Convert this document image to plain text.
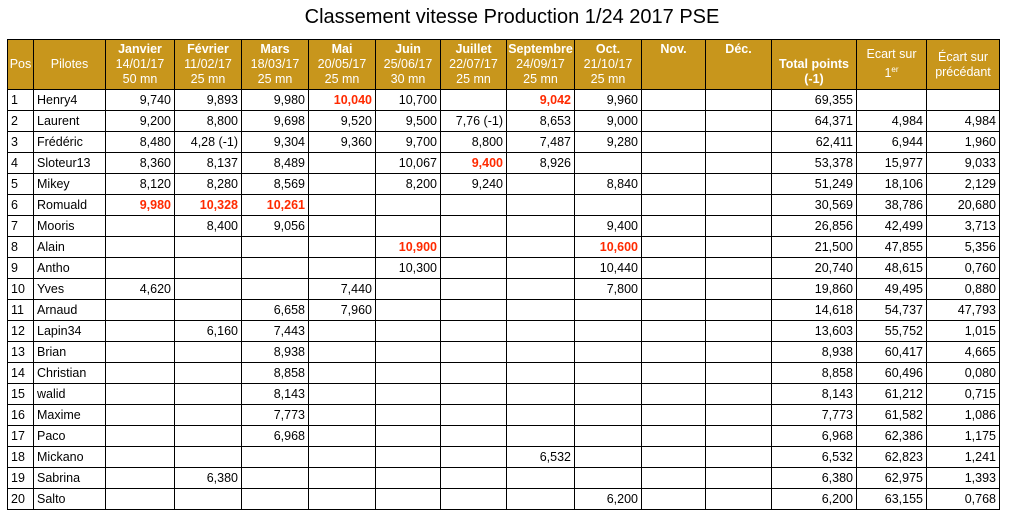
Classement vitesse Production 1/24 2017 PSE
Pos	Pilotes	Janvier
14/01/17
50 mn	Février
11/02/17
25 mn	Mars
18/03/17
25 mn	Mai
20/05/17
25 mn	Juin
25/06/17
30 mn	Juillet
22/07/17
25 mn	Septembre
24/09/17
25 mn	Oct.
21/10/17
25 mn	Nov.	Déc.	Total points (-1)	Ecart sur 1er	Écart sur précédant
1	Henry4	9,740	9,893	9,980	10,040	10,700		9,042	9,960			69,355		
2	Laurent	9,200	8,800	9,698	9,520	9,500	7,76 (-1)	8,653	9,000			64,371	4,984	4,984
3	Frédéric	8,480	4,28 (-1)	9,304	9,360	9,700	8,800	7,487	9,280			62,411	6,944	1,960
4	Sloteur13	8,360	8,137	8,489		10,067	9,400	8,926				53,378	15,977	9,033
5	Mikey	8,120	8,280	8,569		8,200	9,240		8,840			51,249	18,106	2,129
6	Romuald	9,980	10,328	10,261								30,569	38,786	20,680
7	Mooris		8,400	9,056					9,400			26,856	42,499	3,713
8	Alain					10,900			10,600			21,500	47,855	5,356
9	Antho					10,300			10,440			20,740	48,615	0,760
10	Yves	4,620			7,440				7,800			19,860	49,495	0,880
11	Arnaud			6,658	7,960							14,618	54,737	47,793
12	Lapin34		6,160	7,443								13,603	55,752	1,015
13	Brian			8,938								8,938	60,417	4,665
14	Christian			8,858								8,858	60,496	0,080
15	walid			8,143								8,143	61,212	0,715
16	Maxime			7,773								7,773	61,582	1,086
17	Paco			6,968								6,968	62,386	1,175
18	Mickano							6,532				6,532	62,823	1,241
19	Sabrina		6,380									6,380	62,975	1,393
20	Salto								6,200			6,200	63,155	0,768
